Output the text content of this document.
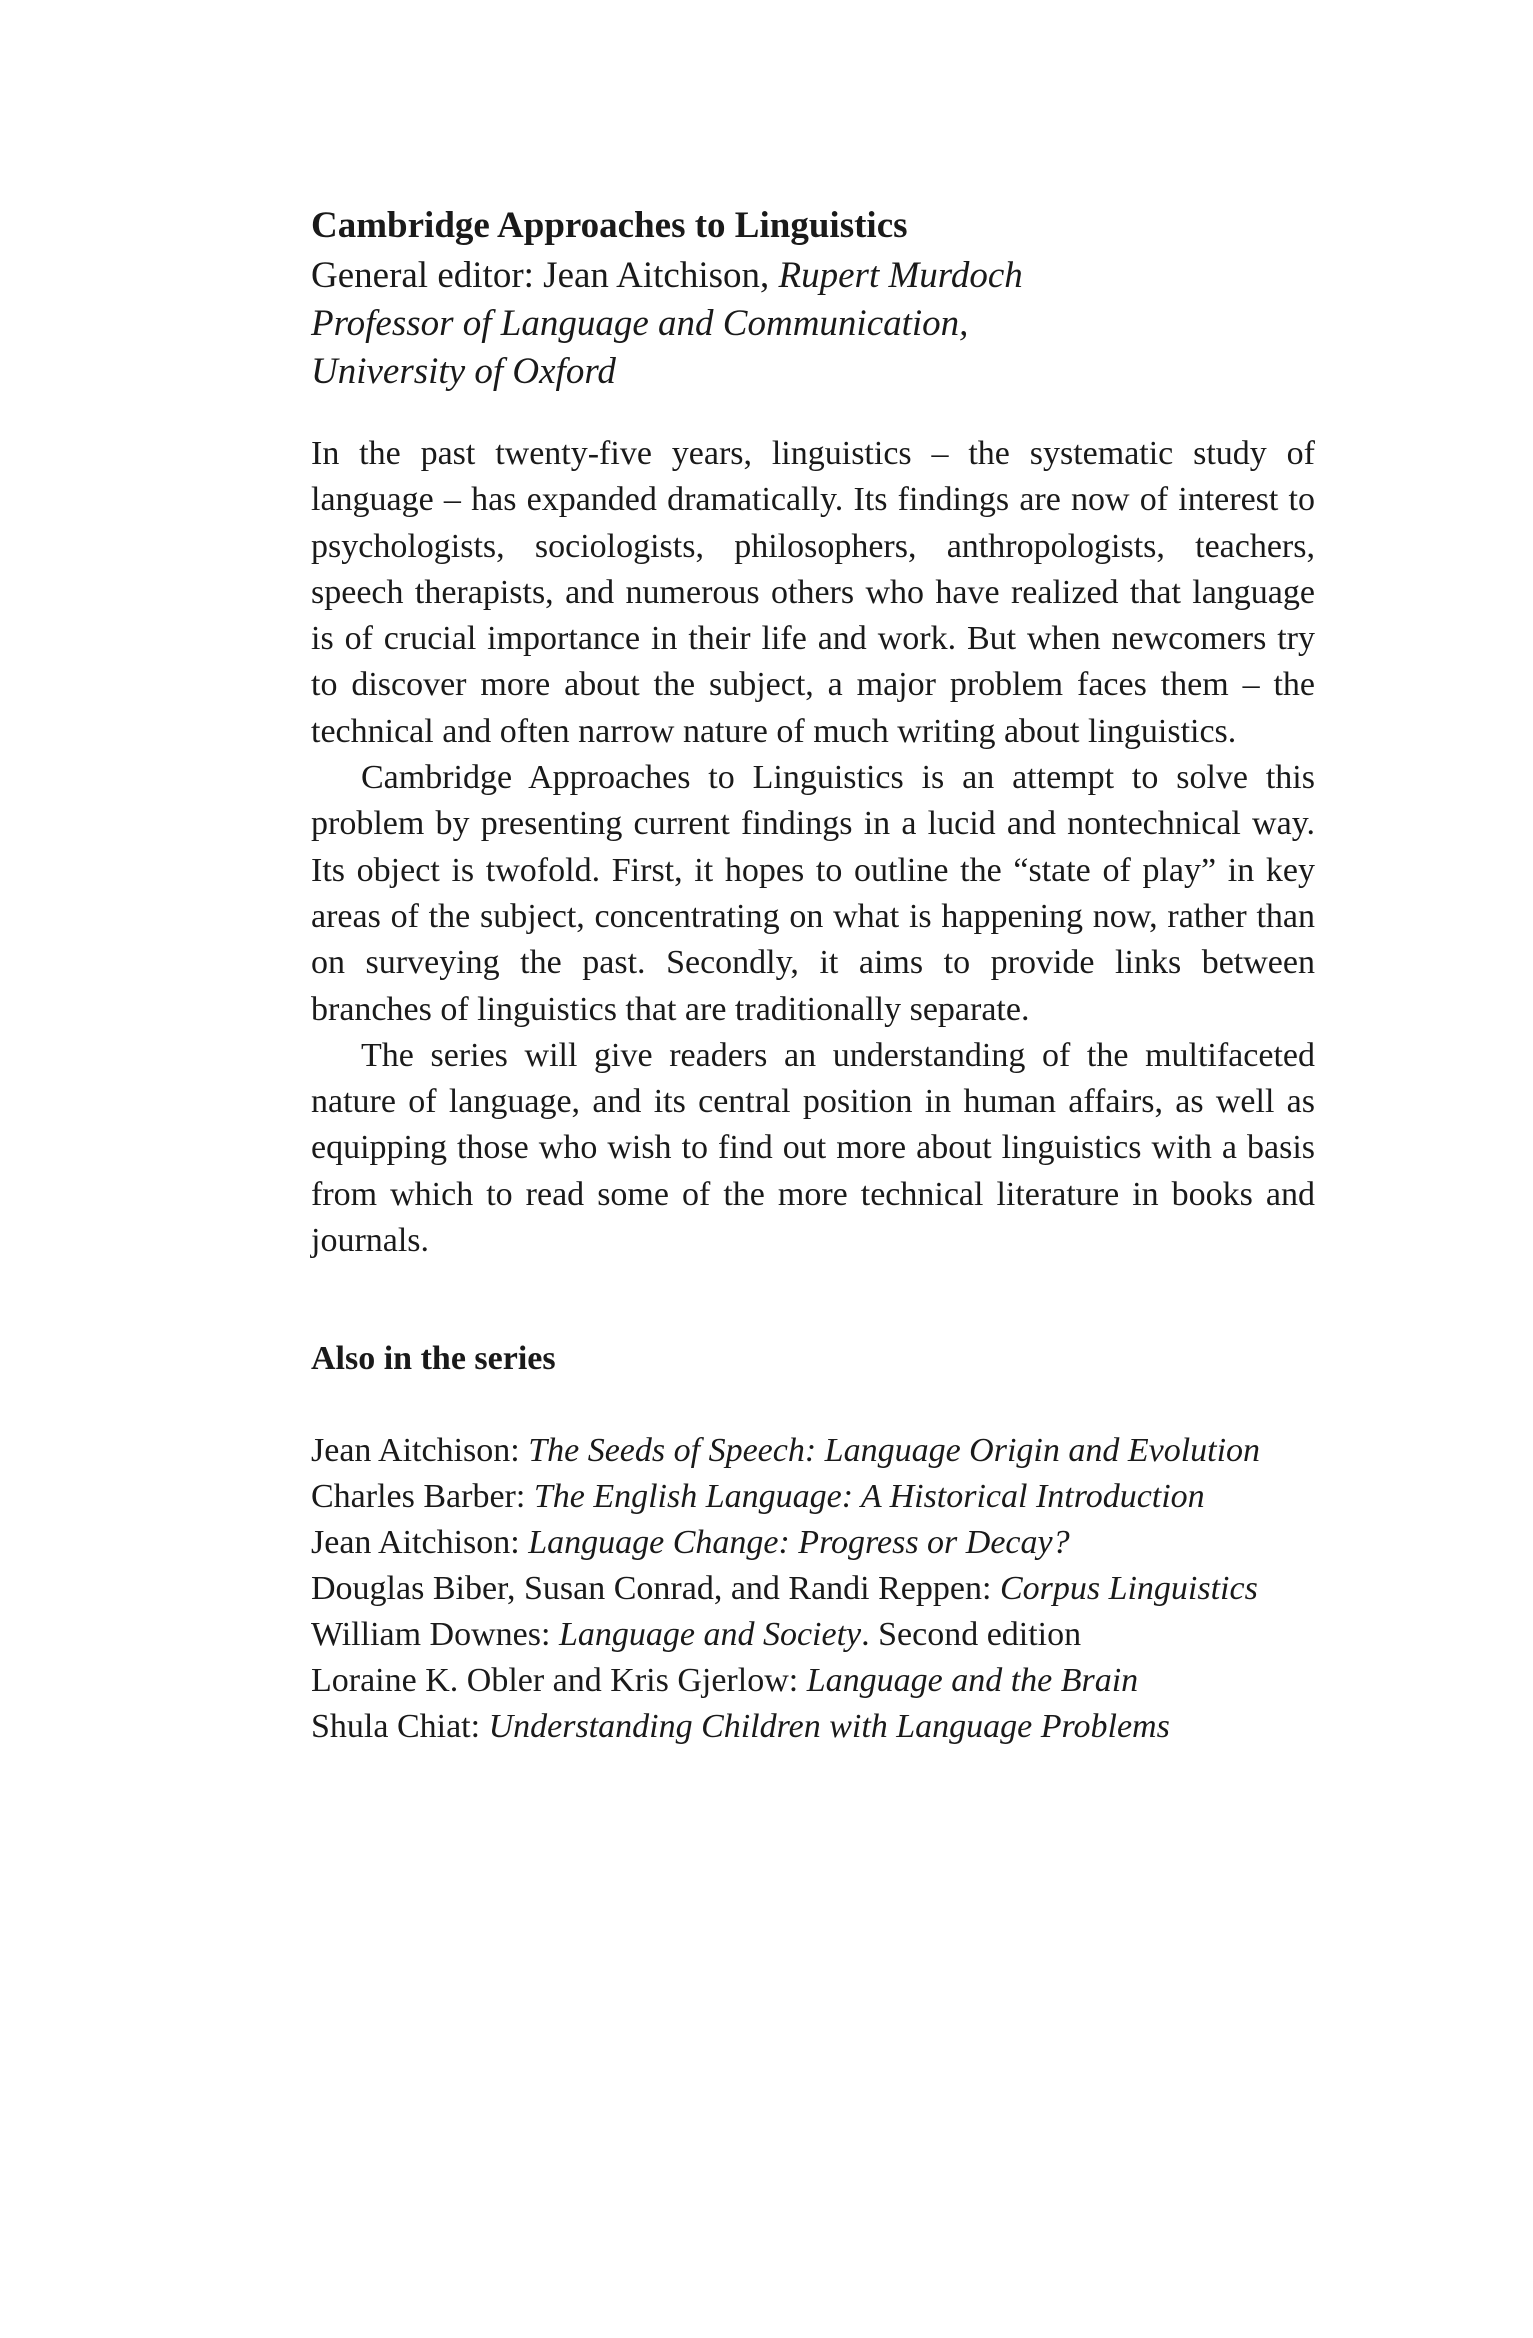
Cambridge Approaches to Linguistics

General editor: Jean Aitchison, Rupert Murdoch
Professor of Language and Communication,
University of Oxford

In the past twenty-five years, linguistics – the systematic study of language – has expanded dramatically. Its findings are now of interest to psychologists, sociologists, philosophers, anthropologists, teachers, speech therapists, and numerous others who have realized that language is of crucial importance in their life and work. But when newcomers try to discover more about the subject, a major problem faces them – the technical and often narrow nature of much writing about linguistics.

Cambridge Approaches to Linguistics is an attempt to solve this problem by presenting current findings in a lucid and nontechnical way. Its object is twofold. First, it hopes to outline the “state of play” in key areas of the subject, concentrating on what is happening now, rather than on surveying the past. Secondly, it aims to provide links between branches of linguistics that are traditionally separate.

The series will give readers an understanding of the multifaceted nature of language, and its central position in human affairs, as well as equipping those who wish to find out more about linguistics with a basis from which to read some of the more technical literature in books and journals.

Also in the series
Jean Aitchison: The Seeds of Speech: Language Origin and Evolution
Charles Barber: The English Language: A Historical Introduction
Jean Aitchison: Language Change: Progress or Decay?
Douglas Biber, Susan Conrad, and Randi Reppen: Corpus Linguistics
William Downes: Language and Society. Second edition
Loraine K. Obler and Kris Gjerlow: Language and the Brain
Shula Chiat: Understanding Children with Language Problems
